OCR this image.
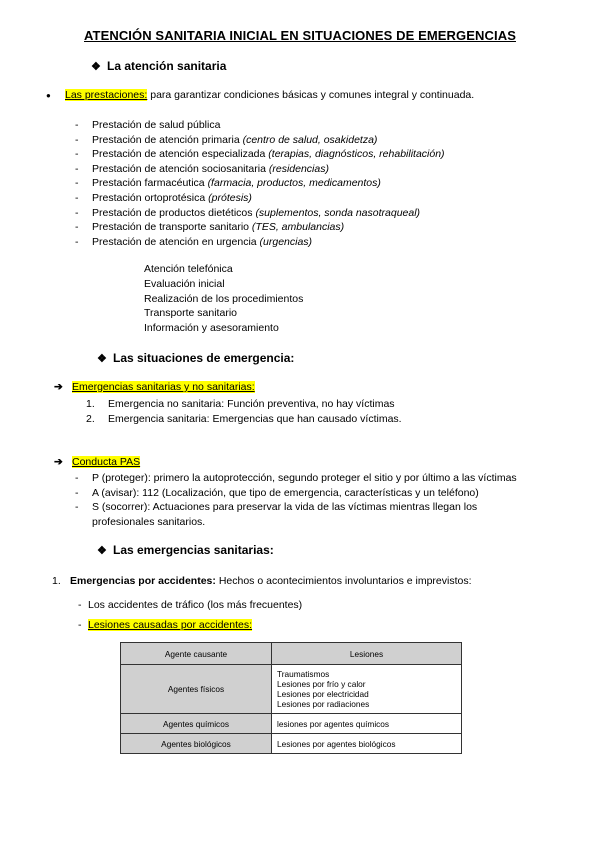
ATENCIÓN SANITARIA INICIAL EN SITUACIONES DE EMERGENCIAS
❖ La atención sanitaria
● Las prestaciones: para garantizar condiciones básicas y comunes integral y continuada.
- Prestación de salud pública
- Prestación de atención primaria (centro de salud, osakidetza)
- Prestación de atención especializada (terapias, diagnósticos, rehabilitación)
- Prestación de atención sociosanitaria (residencias)
- Prestación farmacéutica (farmacia, productos, medicamentos)
- Prestación ortoprotésica (prótesis)
- Prestación de productos dietéticos (suplementos, sonda nasotraqueal)
- Prestación de transporte sanitario (TES, ambulancias)
- Prestación de atención en urgencia (urgencias)
Atención telefónica
Evaluación inicial
Realización de los procedimientos
Transporte sanitario
Información y asesoramiento
❖ Las situaciones de emergencia:
➔ Emergencias sanitarias y no sanitarias:
1. Emergencia no sanitaria: Función preventiva, no hay víctimas
2. Emergencia sanitaria: Emergencias que han causado víctimas.
➔ Conducta PAS
- P (proteger): primero la autoprotección, segundo proteger el sitio y por último a las víctimas
- A (avisar): 112 (Localización, que tipo de emergencia, características y un teléfono)
- S (socorrer): Actuaciones para preservar la vida de las víctimas mientras llegan los
profesionales sanitarios.
❖ Las emergencias sanitarias:
1. Emergencias por accidentes: Hechos o acontecimientos involuntarios e imprevistos:
- Los accidentes de tráfico (los más frecuentes)
- Lesiones causadas por accidentes:
Agente causante	Lesiones
Agentes físicos	Traumatismos
Lesiones por frío y calor
Lesiones por electricidad
Lesiones por radiaciones

Agentes químicos	lesiones por agentes químicos
Agentes biológicos	Lesiones por agentes biológicos
